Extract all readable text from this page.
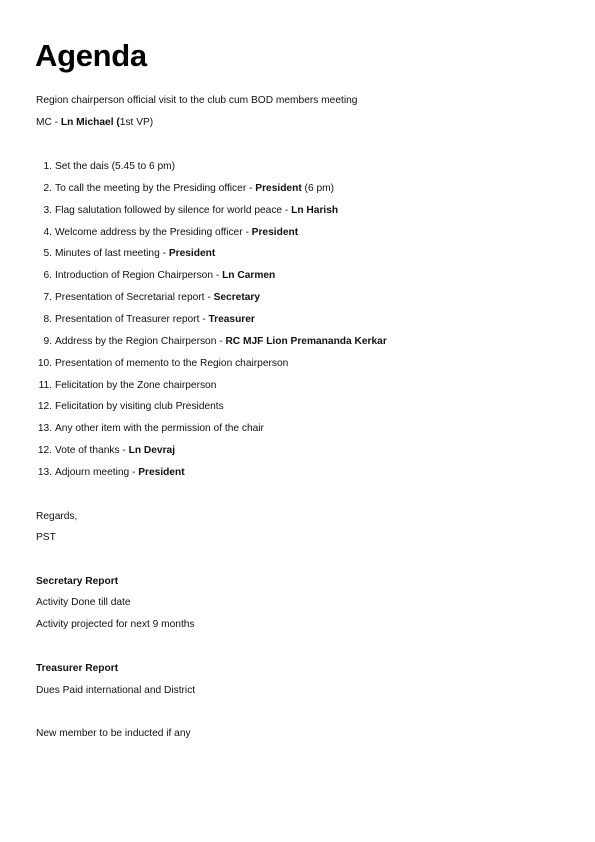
Agenda
Region chairperson official visit to the club cum BOD members meeting
MC - Ln Michael (1st VP)
1. Set the dais (5.45 to 6 pm)
2. To call the meeting by the Presiding officer - President (6 pm)
3. Flag salutation followed by silence for world peace - Ln Harish
4. Welcome address by the Presiding officer - President
5. Minutes of last meeting - President
6. Introduction of Region Chairperson - Ln Carmen
7. Presentation of Secretarial report - Secretary
8. Presentation of Treasurer report - Treasurer
9. Address by the Region Chairperson - RC MJF Lion Premananda Kerkar
10. Presentation of memento to the Region chairperson
11. Felicitation by the Zone chairperson
12. Felicitation by visiting club Presidents
13. Any other item with the permission of the chair
12. Vote of thanks - Ln Devraj
13. Adjourn meeting - President
Regards,
PST
Secretary Report
Activity Done till date
Activity projected for next 9 months
Treasurer Report
Dues Paid international and District
New member to be inducted if any
